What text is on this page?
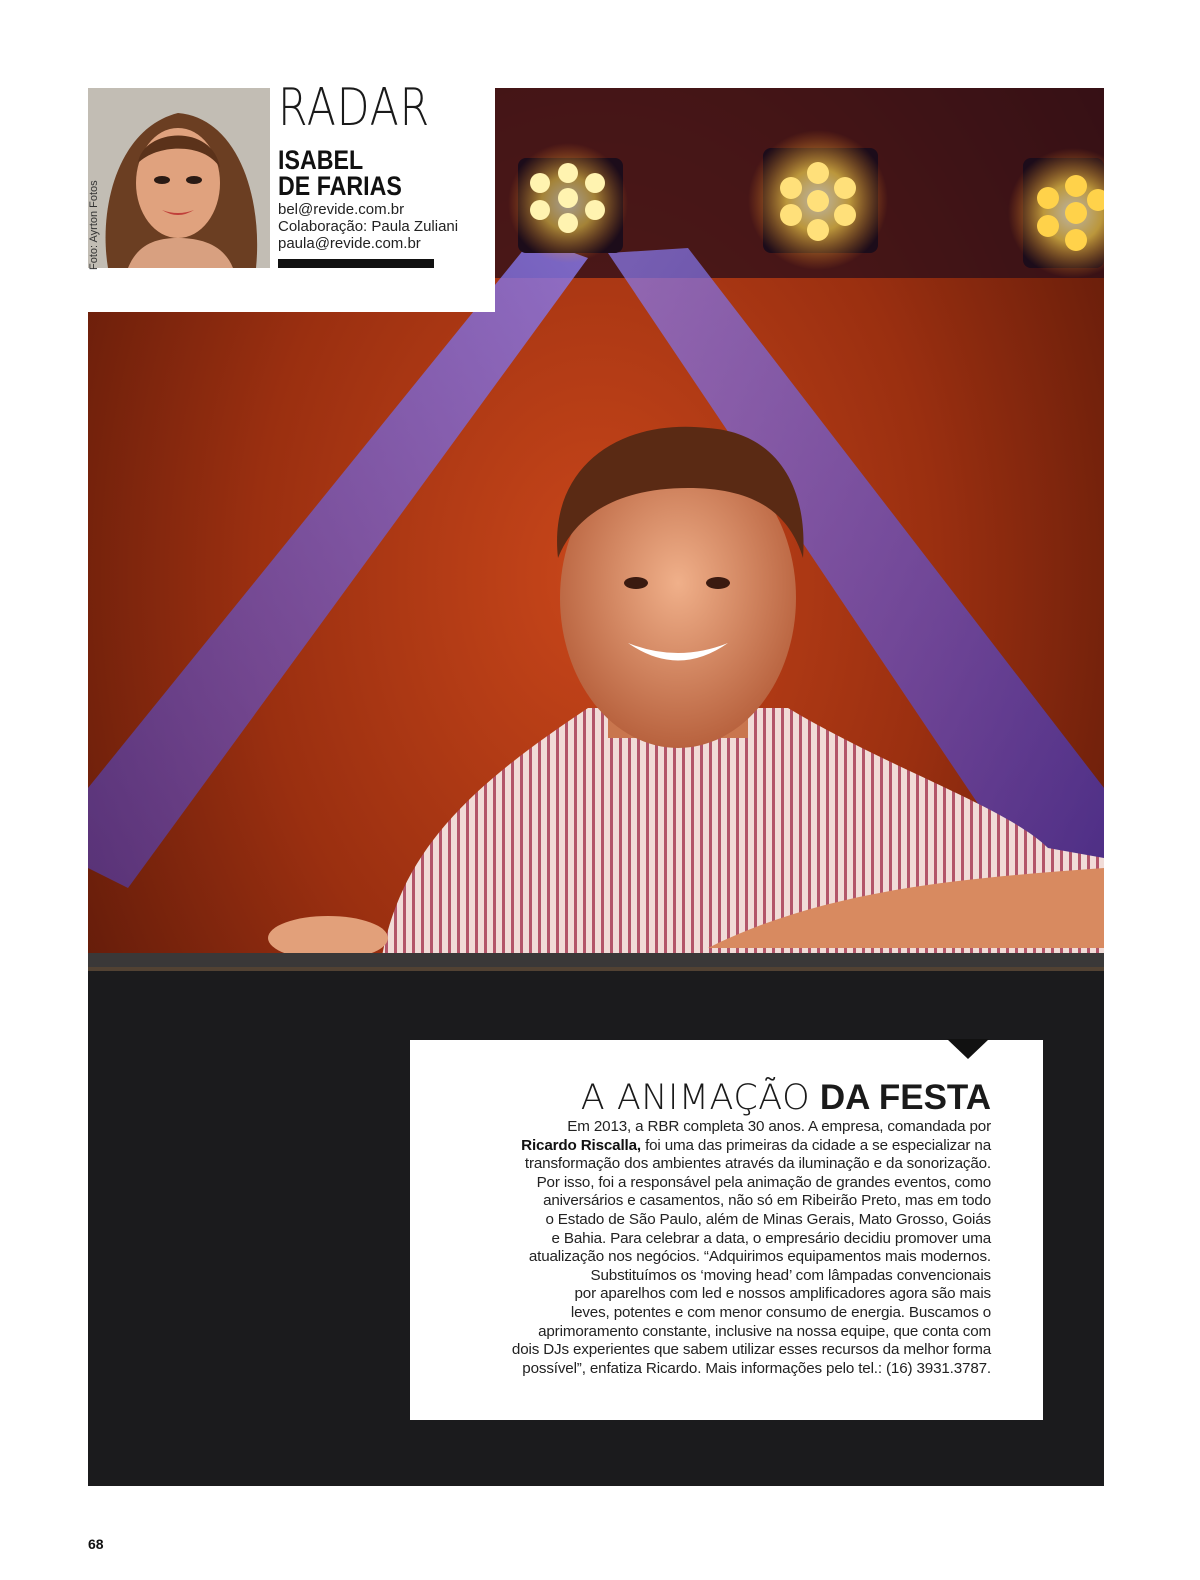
Foto: Ayrton Fotos
RADAR
ISABEL
DE FARIAS
bel@revide.com.br
Colaboração: Paula Zuliani
paula@revide.com.br
A ANIMAÇÃO DA FESTA
Em 2013, a RBR completa 30 anos. A empresa, comandada por
Ricardo Riscalla, foi uma das primeiras da cidade a se especializar na
transformação dos ambientes através da iluminação e da sonorização.
Por isso, foi a responsável pela animação de grandes eventos, como
aniversários e casamentos, não só em Ribeirão Preto, mas em todo
o Estado de São Paulo, além de Minas Gerais, Mato Grosso, Goiás
e Bahia. Para celebrar a data, o empresário decidiu promover uma
atualização nos negócios. “Adquirimos equipamentos mais modernos.
Substituímos os ‘moving head’ com lâmpadas convencionais
por aparelhos com led e nossos amplificadores agora são mais
leves, potentes e com menor consumo de energia. Buscamos o
aprimoramento constante, inclusive na nossa equipe, que conta com
dois DJs experientes que sabem utilizar esses recursos da melhor forma
possível”, enfatiza Ricardo. Mais informações pelo tel.: (16) 3931.3787.
68
